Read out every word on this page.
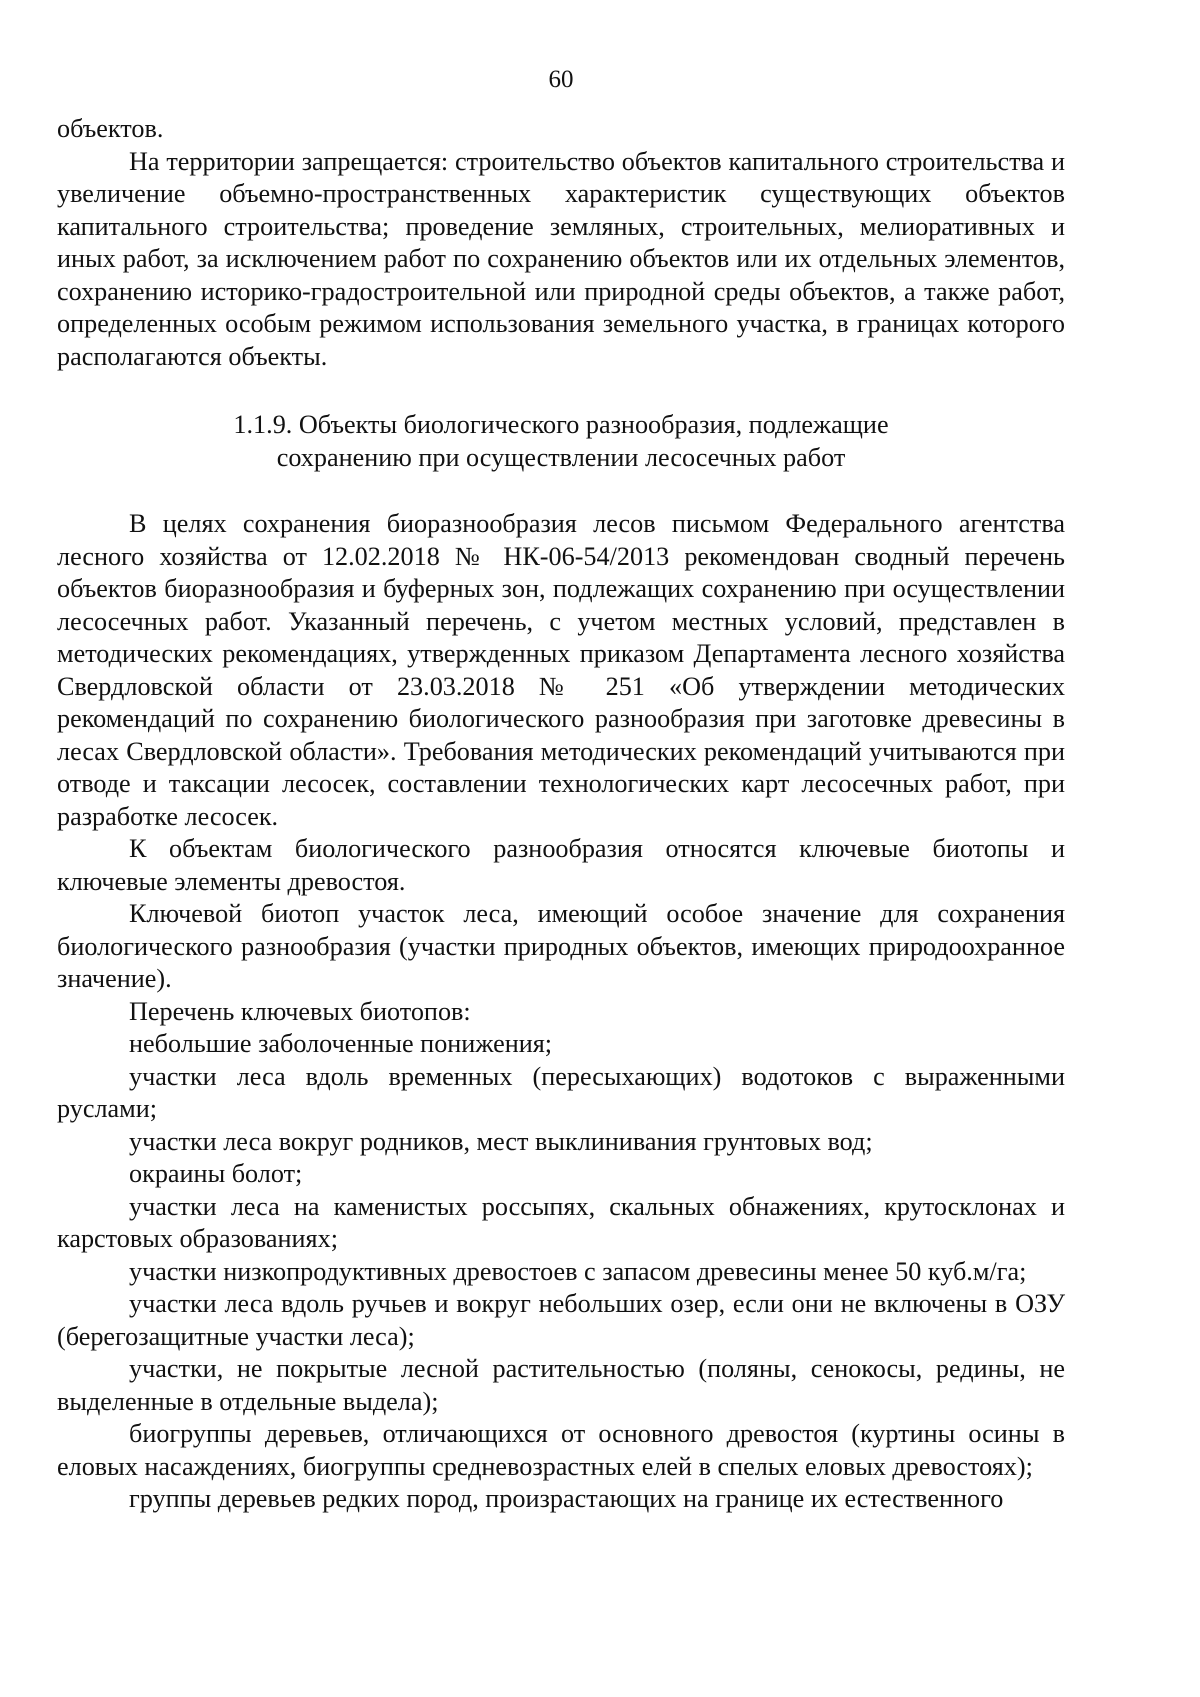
60

объектов.

На территории запрещается: строительство объектов капитального строительства и увеличение объемно-пространственных характеристик существующих объектов капитального строительства; проведение земляных, строительных, мелиоративных и иных работ, за исключением работ по сохранению объектов или их отдельных элементов, сохранению историко-градостроительной или природной среды объектов, а также работ, определенных особым режимом использования земельного участка, в границах которого располагаются объекты.

1.1.9. Объекты биологического разнообразия, подлежащие сохранению при осуществлении лесосечных работ

В целях сохранения биоразнообразия лесов письмом Федерального агентства лесного хозяйства от 12.02.2018 № НК-06-54/2013 рекомендован сводный перечень объектов биоразнообразия и буферных зон, подлежащих сохранению при осуществлении лесосечных работ. Указанный перечень, с учетом местных условий, представлен в методических рекомендациях, утвержденных приказом Департамента лесного хозяйства Свердловской области от 23.03.2018 № 251 «Об утверждении методических рекомендаций по сохранению биологического разнообразия при заготовке древесины в лесах Свердловской области». Требования методических рекомендаций учитываются при отводе и таксации лесосек, составлении технологических карт лесосечных работ, при разработке лесосек.

К объектам биологического разнообразия относятся ключевые биотопы и ключевые элементы древостоя.

Ключевой биотоп участок леса, имеющий особое значение для сохранения биологического разнообразия (участки природных объектов, имеющих природоохранное значение).

Перечень ключевых биотопов:

небольшие заболоченные понижения;

участки леса вдоль временных (пересыхающих) водотоков с выраженными руслами;

участки леса вокруг родников, мест выклинивания грунтовых вод;

окраины болот;

участки леса на каменистых россыпях, скальных обнажениях, крутосклонах и карстовых образованиях;

участки низкопродуктивных древостоев с запасом древесины менее 50 куб.м/га;

участки леса вдоль ручьев и вокруг небольших озер, если они не включены в ОЗУ (берегозащитные участки леса);

участки, не покрытые лесной растительностью (поляны, сенокосы, редины, не выделенные в отдельные выдела);

биогруппы деревьев, отличающихся от основного древостоя (куртины осины в еловых насаждениях, биогруппы средневозрастных елей в спелых еловых древостоях);

группы деревьев редких пород, произрастающих на границе их естественного
